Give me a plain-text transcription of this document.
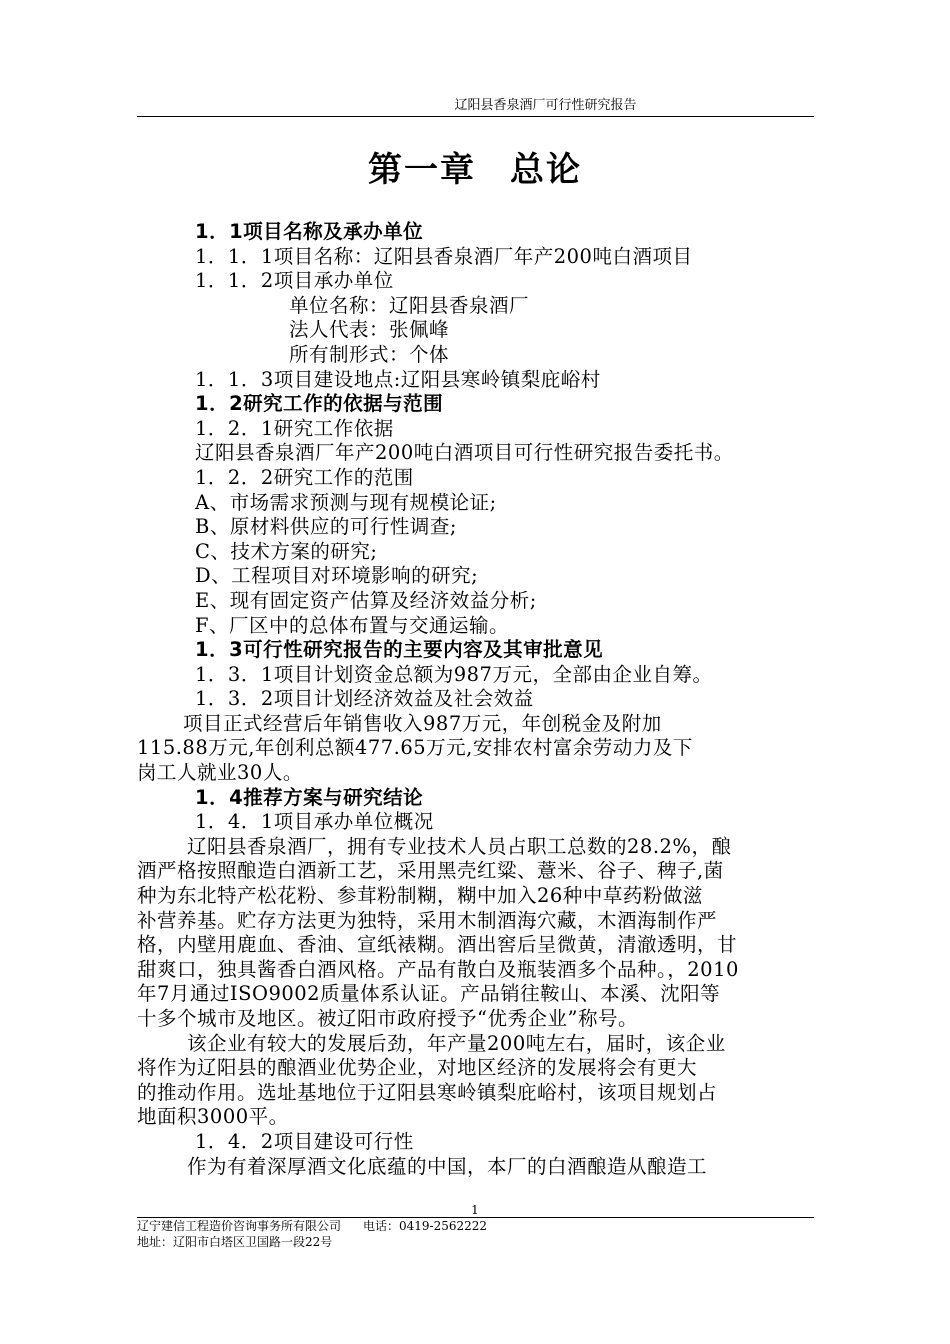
辽阳县香泉酒厂可行性研究报告
第一章 总论
1．1项目名称及承办单位
1．1．1项目名称：辽阳县香泉酒厂年产200吨白酒项目
1．1．2项目承办单位
单位名称：辽阳县香泉酒厂
法人代表：张佩峰
所有制形式：个体
1．1．3项目建设地点:辽阳县寒岭镇梨庇峪村
1．2研究工作的依据与范围
1．2．1研究工作依据
辽阳县香泉酒厂年产200吨白酒项目可行性研究报告委托书。
1．2．2研究工作的范围
A、市场需求预测与现有规模论证;
B、原材料供应的可行性调查;
C、技术方案的研究;
D、工程项目对环境影响的研究;
E、现有固定资产估算及经济效益分析;
F、厂区中的总体布置与交通运输。
1．3可行性研究报告的主要内容及其审批意见
1．3．1项目计划资金总额为987万元，全部由企业自筹。
1．3．2项目计划经济效益及社会效益
项目正式经营后年销售收入987万元，年创税金及附加
115.88万元,年创利总额477.65万元,安排农村富余劳动力及下
岗工人就业30人。
1．4推荐方案与研究结论
1．4．1项目承办单位概况
辽阳县香泉酒厂，拥有专业技术人员占职工总数的28.2%，酿
酒严格按照酿造白酒新工艺，采用黑壳红粱、薏米、谷子、稗子,菌
种为东北特产松花粉、参茸粉制糊，糊中加入26种中草药粉做滋
补营养基。贮存方法更为独特，采用木制酒海穴藏，木酒海制作严
格，内壁用鹿血、香油、宣纸裱糊。酒出窖后呈微黄，清澈透明，甘
甜爽口，独具酱香白酒风格。产品有散白及瓶装酒多个品种。，2010
年7月通过ISO9002质量体系认证。产品销往鞍山、本溪、沈阳等
十多个城市及地区。被辽阳市政府授予“优秀企业”称号。
该企业有较大的发展后劲，年产量200吨左右，届时，该企业
将作为辽阳县的酿酒业优势企业，对地区经济的发展将会有更大
的推动作用。选址基地位于辽阳县寒岭镇梨庇峪村，该项目规划占
地面积3000平。
1．4．2项目建设可行性
作为有着深厚酒文化底蕴的中国，本厂的白酒酿造从酿造工
1
辽宁建信工程造价咨询事务所有限公司 电话：0419-2562222
地址：辽阳市白塔区卫国路一段22号
